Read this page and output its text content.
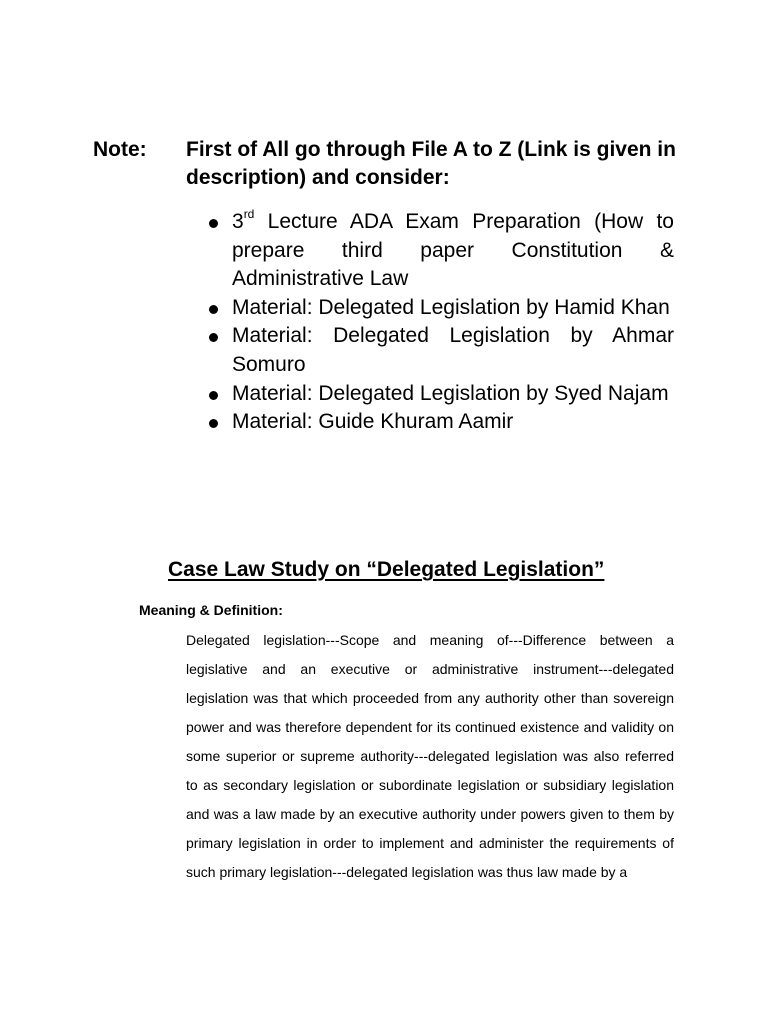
Note: First of All go through File A to Z (Link is given in description) and consider:
3rd Lecture ADA Exam Preparation (How to prepare third paper Constitution & Administrative Law
Material: Delegated Legislation by Hamid Khan
Material: Delegated Legislation by Ahmar Somuro
Material: Delegated Legislation by Syed Najam
Material: Guide Khuram Aamir
Case Law Study on “Delegated Legislation”
Meaning & Definition:
Delegated legislation---Scope and meaning of---Difference between a legislative and an executive or administrative instrument---delegated legislation was that which proceeded from any authority other than sovereign power and was therefore dependent for its continued existence and validity on some superior or supreme authority---delegated legislation was also referred to as secondary legislation or subordinate legislation or subsidiary legislation and was a law made by an executive authority under powers given to them by primary legislation in order to implement and administer the requirements of such primary legislation---delegated legislation was thus law made by a
